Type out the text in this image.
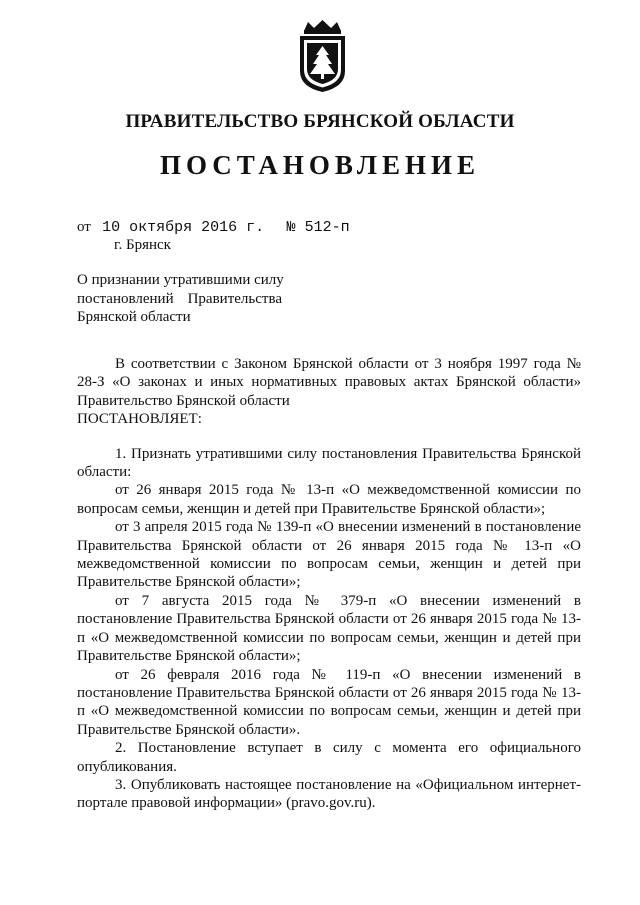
ПРАВИТЕЛЬСТВО БРЯНСКОЙ ОБЛАСТИ
ПОСТАНОВЛЕНИЕ
от 10 октября 2016 г. № 512-п
г. Брянск
О признании утратившими силу
постановлений Правительства
Брянской области

В соответствии с Законом Брянской области от 3 ноября 1997 года № 28-З «О законах и иных нормативных правовых актах Брянской области» Правительство Брянской области

ПОСТАНОВЛЯЕТ:

1. Признать утратившими силу постановления Правительства Брянской области:

от 26 января 2015 года № 13-п «О межведомственной комиссии по вопросам семьи, женщин и детей при Правительстве Брянской области»;

от 3 апреля 2015 года № 139-п «О внесении изменений в постановление Правительства Брянской области от 26 января 2015 года № 13-п «О межведомственной комиссии по вопросам семьи, женщин и детей при Правительстве Брянской области»;

от 7 августа 2015 года № 379-п «О внесении изменений в постановление Правительства Брянской области от 26 января 2015 года № 13-п «О межведомственной комиссии по вопросам семьи, женщин и детей при Правительстве Брянской области»;

от 26 февраля 2016 года № 119-п «О внесении изменений в постановление Правительства Брянской области от 26 января 2015 года № 13-п «О межведомственной комиссии по вопросам семьи, женщин и детей при Правительстве Брянской области».

2. Постановление вступает в силу с момента его официального опубликования.

3. Опубликовать настоящее постановление на «Официальном интернет-портале правовой информации» (pravo.gov.ru).
